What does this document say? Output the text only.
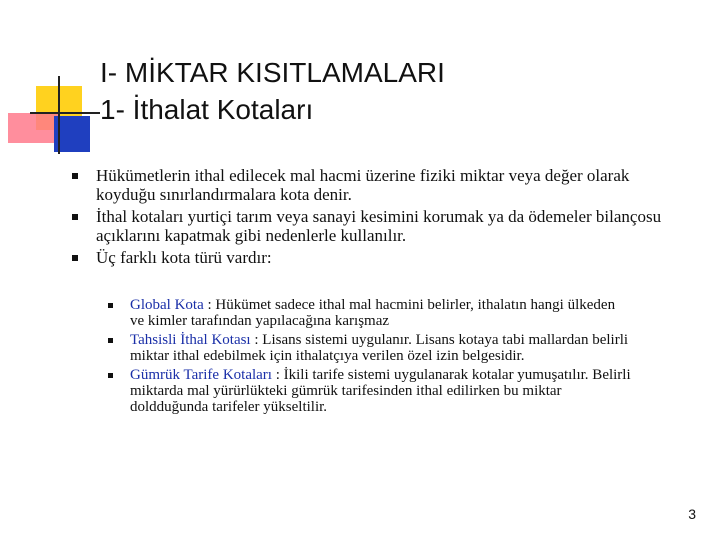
I- MİKTAR KISITLAMALARI
1- İthalat Kotaları
Hükümetlerin ithal edilecek mal hacmi üzerine fiziki miktar veya değer olarak koyduğu sınırlandırmalara kota denir.
İthal kotaları yurtiçi tarım veya sanayi kesimini korumak ya da ödemeler bilançosu açıklarını kapatmak gibi nedenlerle kullanılır.
Üç farklı kota türü vardır:
Global Kota : Hükümet sadece ithal mal hacmini belirler, ithalatın hangi ülkeden ve kimler tarafından yapılacağına karışmaz
Tahsisli İthal Kotası : Lisans sistemi uygulanır. Lisans kotaya tabi mallardan belirli miktar ithal edebilmek için ithalatçıya verilen özel izin belgesidir.
Gümrük Tarife Kotaları : İkili tarife sistemi uygulanarak kotalar yumuşatılır. Belirli miktarda mal yürürlükteki gümrük tarifesinden ithal edilirken bu miktar doldduğunda tarifeler yükseltilir.
3
